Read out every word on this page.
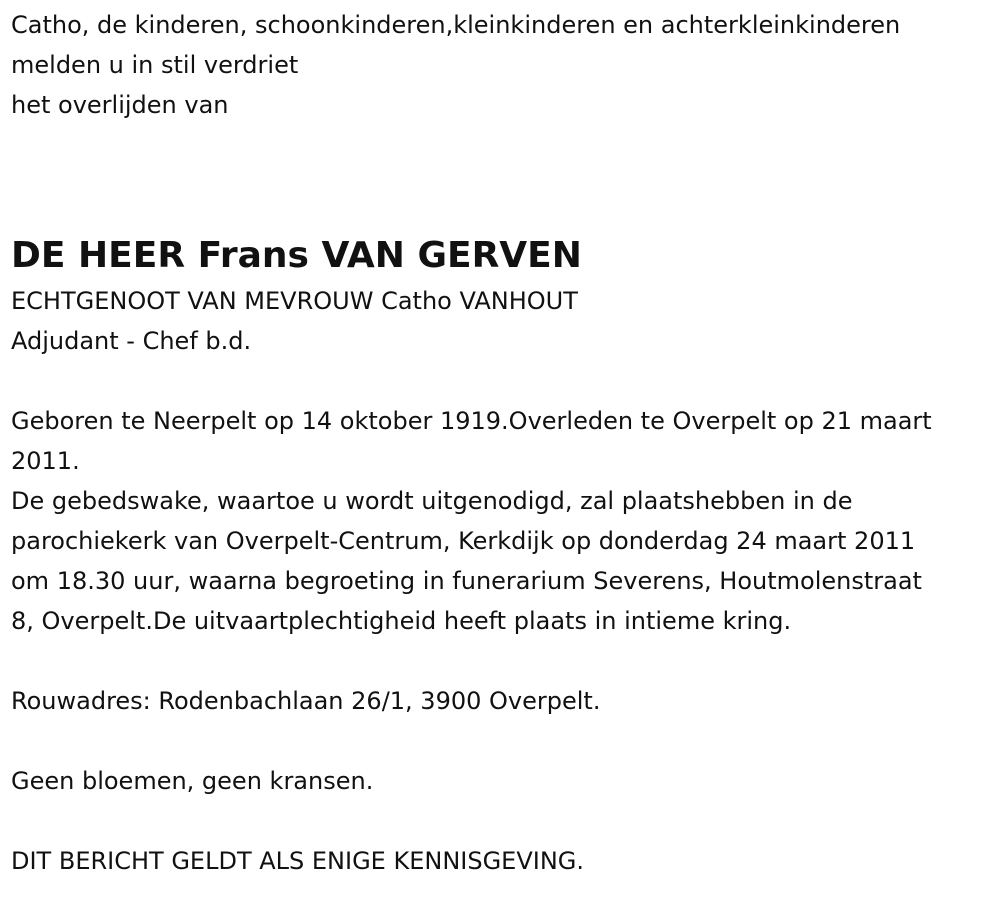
Catho, de kinderen, schoonkinderen,kleinkinderen en achterkleinkinderen

melden u in stil verdriet

het overlijden van

DE HEER Frans VAN GERVEN

ECHTGENOOT VAN MEVROUW Catho VANHOUT

Adjudant - Chef b.d.

Geboren te Neerpelt op 14 oktober 1919.Overleden te Overpelt op 21 maart 2011.

De gebedswake, waartoe u wordt uitgenodigd, zal plaatshebben in de parochiekerk van Overpelt-Centrum, Kerkdijk op donderdag 24 maart 2011 om 18.30 uur, waarna begroeting in funerarium Severens, Houtmolenstraat 8, Overpelt.De uitvaartplechtigheid heeft plaats in intieme kring.

Rouwadres: Rodenbachlaan 26/1, 3900 Overpelt.

Geen bloemen, geen kransen.

DIT BERICHT GELDT ALS ENIGE KENNISGEVING.
